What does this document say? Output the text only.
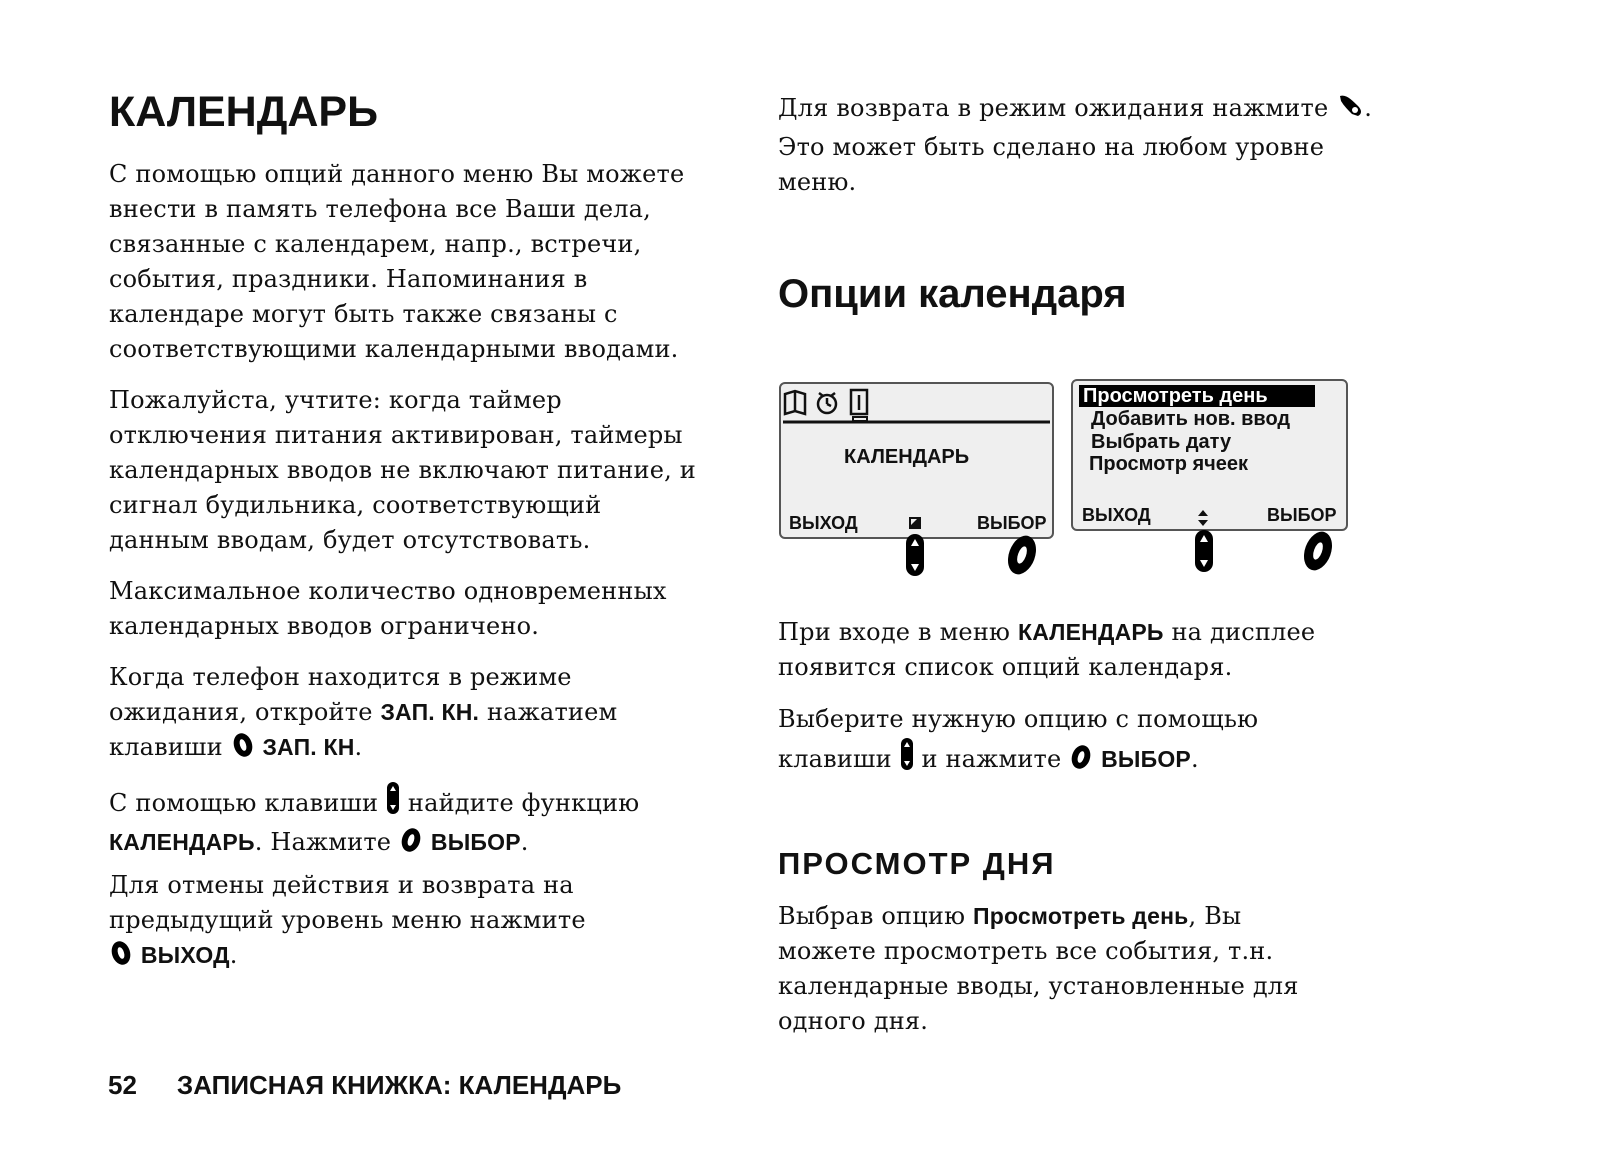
КАЛЕНДАРЬ

С помощью опций данного меню Вы можете

внести в память телефона все Ваши дела,

связанные с календарем, напр., встречи,

события, праздники. Напоминания в

календаре могут быть также связаны с

соответствующими календарными вводами.

Пожалуйста, учтите: когда таймер

отключения питания активирован, таймеры

календарных вводов не включают питание, и

сигнал будильника, соответствующий

данным вводам, будет отсутствовать.

Максимальное количество одновременных

календарных вводов ограничено.

Когда телефон находится в режиме

ожидания, откройте ЗАП. КН. нажатием

клавиши  ЗАП. КН.

С помощью клавиши  найдите функцию

КАЛЕНДАРЬ. Нажмите  ВЫБОР.

Для отмены действия и возврата на

предыдущий уровень меню нажмите

ВЫХОД.

Для возврата в режим ожидания нажмите .

Это может быть сделано на любом уровне

меню.

Опции календаря
КАЛЕНДАРЬ
ВЫХОД	ВЫБОР
Просмотреть день
Добавить нов. ввод
Выбрать дату
Просмотр ячеек
ВЫХОД	ВЫБОР

При входе в меню КАЛЕНДАРЬ на дисплее

появится список опций календаря.

Выберите нужную опцию с помощью

клавиши  и нажмите  ВЫБОР.

ПРОСМОТР ДНЯ

Выбрав опцию Просмотреть день, Вы

можете просмотреть все события, т.н.

календарные вводы, установленные для

одного дня.

52 ЗАПИСНАЯ КНИЖКА: КАЛЕНДАРЬ
